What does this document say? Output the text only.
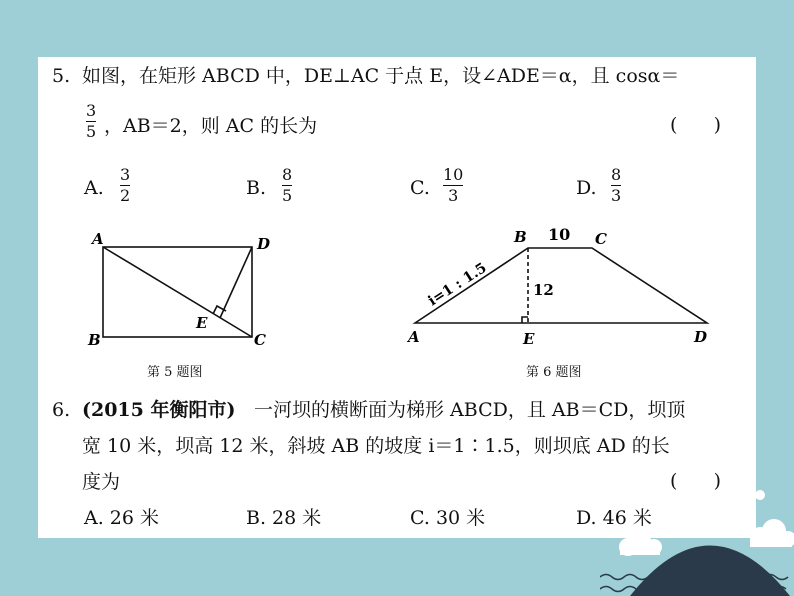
5. 如图，在矩形 ABCD 中，DE⊥AC 于点 E，设∠ADE＝α，且 cosα＝
3
5 ，AB＝2，则 AC 的长为	(      )
A.
3
2	B.
8
5	C.
10
3	D.
8
3
A	D
B	C
E
第 5 题图
B 10 C
12
A	E	D
i=1 : 1.5
第 6 题图
6. (2015 年衡阳市) 一河坝的横断面为梯形 ABCD，且 AB＝CD，坝顶
宽 10 米，坝高 12 米，斜坡 AB 的坡度 i＝1∶1.5，则坝底 AD 的长
度为	(      )
A. 26 米	B. 28 米	C. 30 米	D. 46 米
